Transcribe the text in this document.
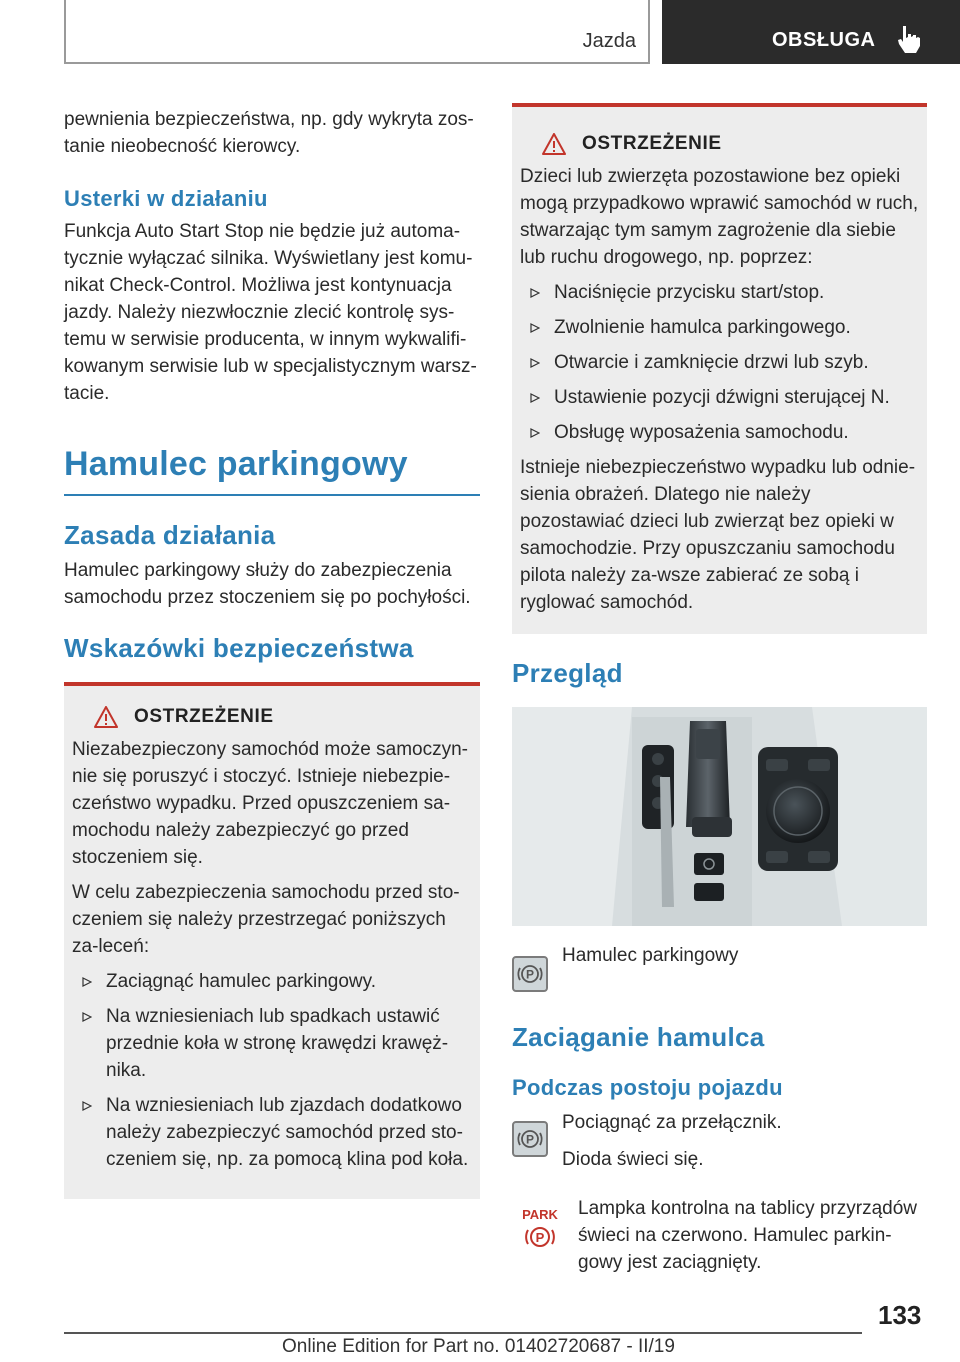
Jazda	OBSŁUGA

pewnienia bezpieczeństwa, np. gdy wykryta zos-tanie nieobecność kierowcy.

Usterki w działaniu

Funkcja Auto Start Stop nie będzie już automa-tycznie wyłączać silnika. Wyświetlany jest komu-nikat Check-Control. Możliwa jest kontynuacja jazdy. Należy niezwłocznie zlecić kontrolę sys-temu w serwisie producenta, w innym wykwalifi-kowanym serwisie lub w specjalistycznym warsz-tacie.

Hamulec parkingowy
Zasada działania

Hamulec parkingowy służy do zabezpieczenia samochodu przez stoczeniem się po pochyłości.

Wskazówki bezpieczeństwa
OSTRZEŻENIE

Niezabezpieczony samochód może samoczyn-nie się poruszyć i stoczyć. Istnieje niebezpie-czeństwo wypadku. Przed opuszczeniem sa-mochodu należy zabezpieczyć go przed stoczeniem się.

W celu zabezpieczenia samochodu przed sto-czeniem się należy przestrzegać poniższych za-leceń:

Zaciągnąć hamulec parkingowy.
Na wzniesieniach lub spadkach ustawić przednie koła w stronę krawędzi krawęż-nika.
Na wzniesieniach lub zjazdach dodatkowo należy zabezpieczyć samochód przed sto-czeniem się, np. za pomocą klina pod koła.
OSTRZEŻENIE

Dzieci lub zwierzęta pozostawione bez opieki mogą przypadkowo wprawić samochód w ruch, stwarzając tym samym zagrożenie dla siebie lub ruchu drogowego, np. poprzez:

Naciśnięcie przycisku start/stop.
Zwolnienie hamulca parkingowego.
Otwarcie i zamknięcie drzwi lub szyb.
Ustawienie pozycji dźwigni sterującej N.
Obsługę wyposażenia samochodu.

Istnieje niebezpieczeństwo wypadku lub odnie-sienia obrażeń. Dlatego nie należy pozostawiać dzieci lub zwierząt bez opieki w samochodzie. Przy opuszczaniu samochodu pilota należy za-wsze zabierać ze sobą i ryglować samochód.

Przegląd
P

Hamulec parkingowy

Zaciąganie hamulca
Podczas postoju pojazdu
P

Pociągnąć za przełącznik.

Dioda świeci się.

PARK
P

Lampka kontrolna na tablicy przyrządów świeci na czerwono. Hamulec parkin-gowy jest zaciągnięty.

133
Online Edition for Part no. 01402720687 - II/19
